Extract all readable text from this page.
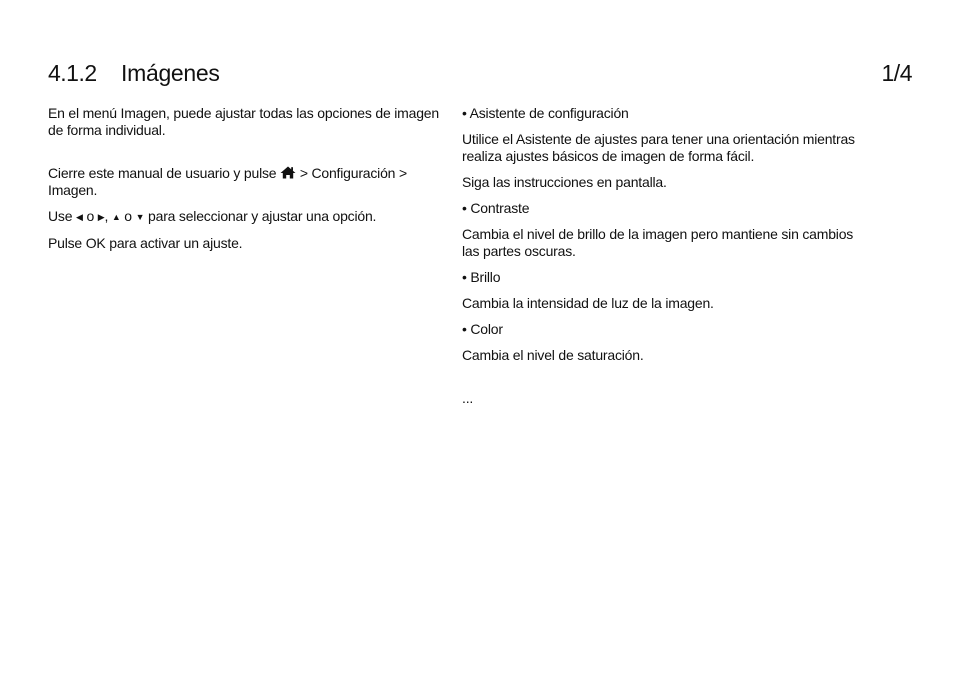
4.1.2 Imágenes	1/4

En el menú Imagen, puede ajustar todas las opciones de imagen de forma individual.

Cierre este manual de usuario y pulse > Configuración > Imagen.

Use ◀ o ▶, ▲ o ▼ para seleccionar y ajustar una opción.

Pulse OK para activar un ajuste.

• Asistente de configuración

Utilice el Asistente de ajustes para tener una orientación mientras realiza ajustes básicos de imagen de forma fácil.

Siga las instrucciones en pantalla.

• Contraste

Cambia el nivel de brillo de la imagen pero mantiene sin cambios las partes oscuras.

• Brillo

Cambia la intensidad de luz de la imagen.

• Color

Cambia el nivel de saturación.

...
